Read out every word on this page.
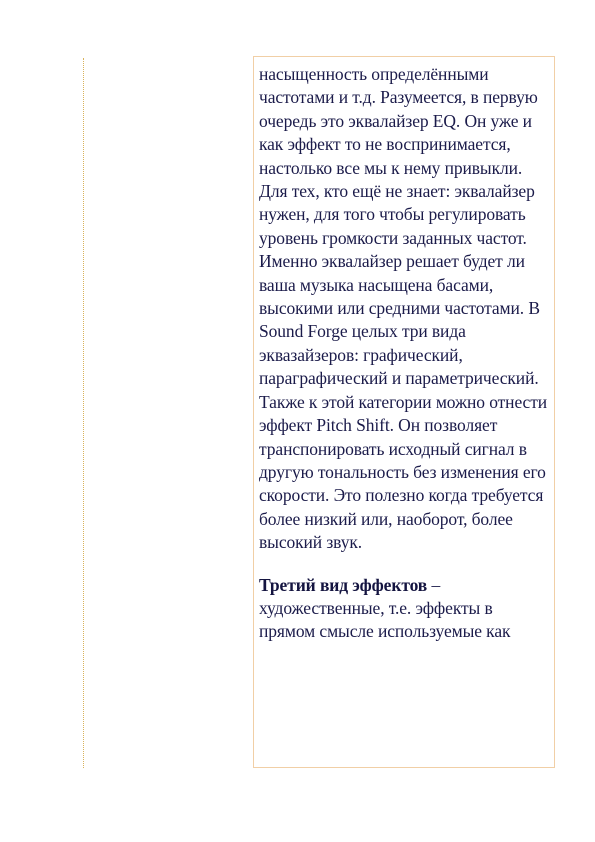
насыщенность определёнными частотами и т.д. Разумеется, в первую очередь это эквалайзер EQ. Он уже и как эффект то не воспринимается, настолько все мы к нему привыкли. Для тех, кто ещё не знает: эквалайзер нужен, для того чтобы регулировать уровень громкости заданных частот. Именно эквалайзер решает будет ли ваша музыка насыщена басами, высокими или средними частотами. В Sound Forge целых три вида эквазайзеров: графический, параграфический и параметрический. Также к этой категории можно отнести эффект Pitch Shift. Он позволяет транспонировать исходный сигнал в другую тональность без изменения его скорости. Это полезно когда требуется более низкий или, наоборот, более высокий звук.

Третий вид эффектов – художественные, т.е. эффекты в прямом смысле используемые как
